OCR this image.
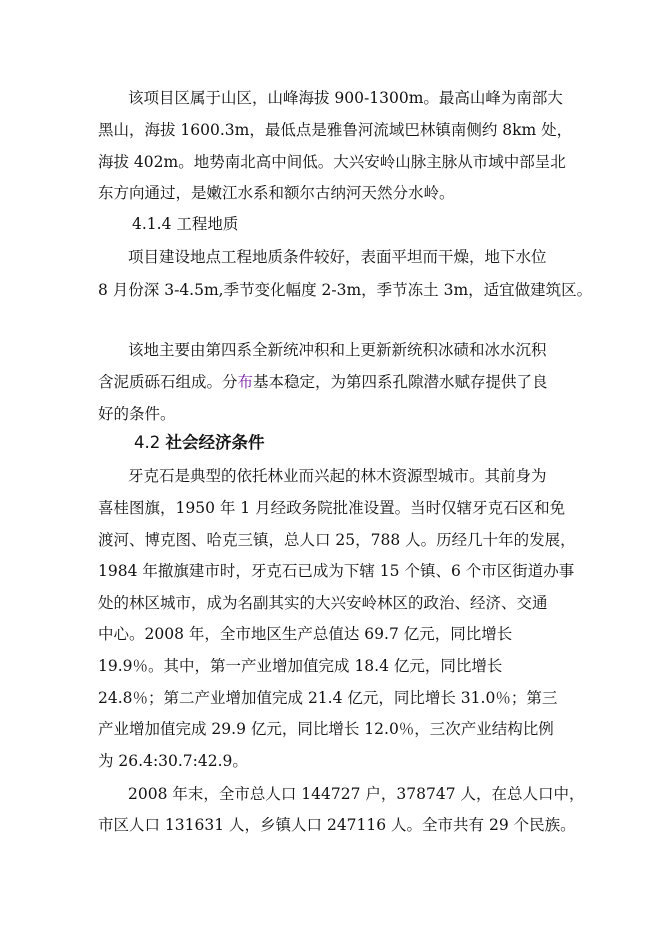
该项目区属于山区，山峰海拔 900-1300m。最高山峰为南部大
黑山，海拔 1600.3m，最低点是雅鲁河流域巴林镇南侧约 8km 处，
海拔 402m。地势南北高中间低。大兴安岭山脉主脉从市域中部呈北
东方向通过，是嫩江水系和额尔古纳河天然分水岭。
4.1.4 工程地质
项目建设地点工程地质条件较好，表面平坦而干燥，地下水位
8 月份深 3-4.5m,季节变化幅度 2-3m，季节冻土 3m，适宜做建筑区。
该地主要由第四系全新统冲积和上更新新统积冰碛和冰水沉积
含泥质砾石组成。分布基本稳定，为第四系孔隙潜水赋存提供了良
好的条件。
4.2 社会经济条件
牙克石是典型的依托林业而兴起的林木资源型城市。其前身为
喜桂图旗，1950 年 1 月经政务院批准设置。当时仅辖牙克石区和免
渡河、博克图、哈克三镇，总人口 25，788 人。历经几十年的发展，
1984 年撤旗建市时，牙克石已成为下辖 15 个镇、6 个市区街道办事
处的林区城市，成为名副其实的大兴安岭林区的政治、经济、交通
中心。2008 年，全市地区生产总值达 69.7 亿元，同比增长
19.9％。其中，第一产业增加值完成 18.4 亿元，同比增长
24.8％；第二产业增加值完成 21.4 亿元，同比增长 31.0％；第三
产业增加值完成 29.9 亿元，同比增长 12.0％，三次产业结构比例
为 26.4:30.7:42.9。
2008 年末，全市总人口 144727 户，378747 人，在总人口中，
市区人口 131631 人，乡镇人口 247116 人。全市共有 29 个民族。
